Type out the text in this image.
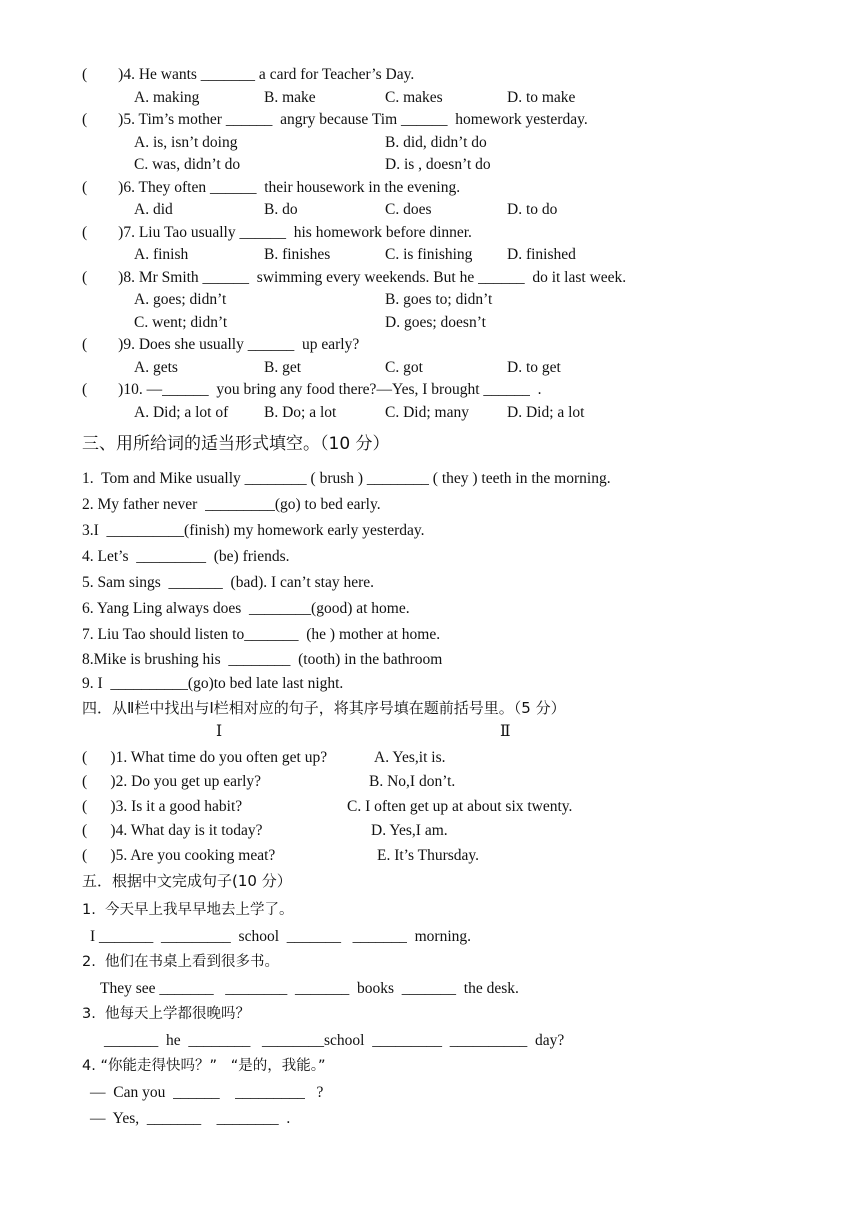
(        )4. He wants _______ a card for Teacher’s Day.
A. making	B. make	C. makes	D. to make
(        )5. Tim’s mother ______  angry because Tim ______  homework yesterday.
A. is, isn’t doing	B. did, didn’t do
C. was, didn’t do	D. is , doesn’t do
(        )6. They often ______  their housework in the evening.
A. did	B. do	C. does	D. to do
(        )7. Liu Tao usually ______  his homework before dinner.
A. finish	B. finishes	C. is finishing D. finished
(        )8. Mr Smith ______  swimming every weekends. But he ______  do it last week.
A. goes; didn’t	B. goes to; didn’t
C. went; didn’t	D. goes; doesn’t
(        )9. Does she usually ______  up early?
A. gets	B. get	C. got	D. to get
(        )10. —______  you bring any food there?—Yes, I brought ______  .
A. Did; a lot of B. Do; a lot	C. Did; many D. Did; a lot
三、用所给词的适当形式填空。（10 分）
1.  Tom and Mike usually ________ ( brush ) ________ ( they ) teeth in the morning.
2. My father never  _________(go) to bed early.
3.I  __________(finish) my homework early yesterday.
4. Let’s  _________  (be) friends.
5. Sam sings  _______  (bad). I can’t stay here.
6. Yang Ling always does  ________(good) at home.
7. Liu Tao should listen to_______  (he ) mother at home.
8.Mike is brushing his  ________  (tooth) in the bathroom
9. I  __________(go)to bed late last night.
四．从Ⅱ栏中找出与Ⅰ栏相对应的句子，将其序号填在题前括号里。（5 分）
Ⅰ	Ⅱ
(      )1. What time do you often get up?	A. Yes,it is.
(      )2. Do you get up early?	B. No,I don’t.
(      )3. Is it a good habit?	C. I often get up at about six twenty.
(      )4. What day is it today?	D. Yes,I am.
(      )5. Are you cooking meat?	E. It’s Thursday.
五．根据中文完成句子(10 分）
1.  今天早上我早早地去上学了。
I _______  _________  school  _______   _______  morning.
2.  他们在书桌上看到很多书。
They see _______   ________  _______  books  _______  the desk.
3.  他每天上学都很晚吗？
_______  he  ________   ________school  _________  __________  day?
4. “你能走得快吗？”   “是的，我能。”
—  Can you  ______    _________   ?
—  Yes,  _______    ________  .
